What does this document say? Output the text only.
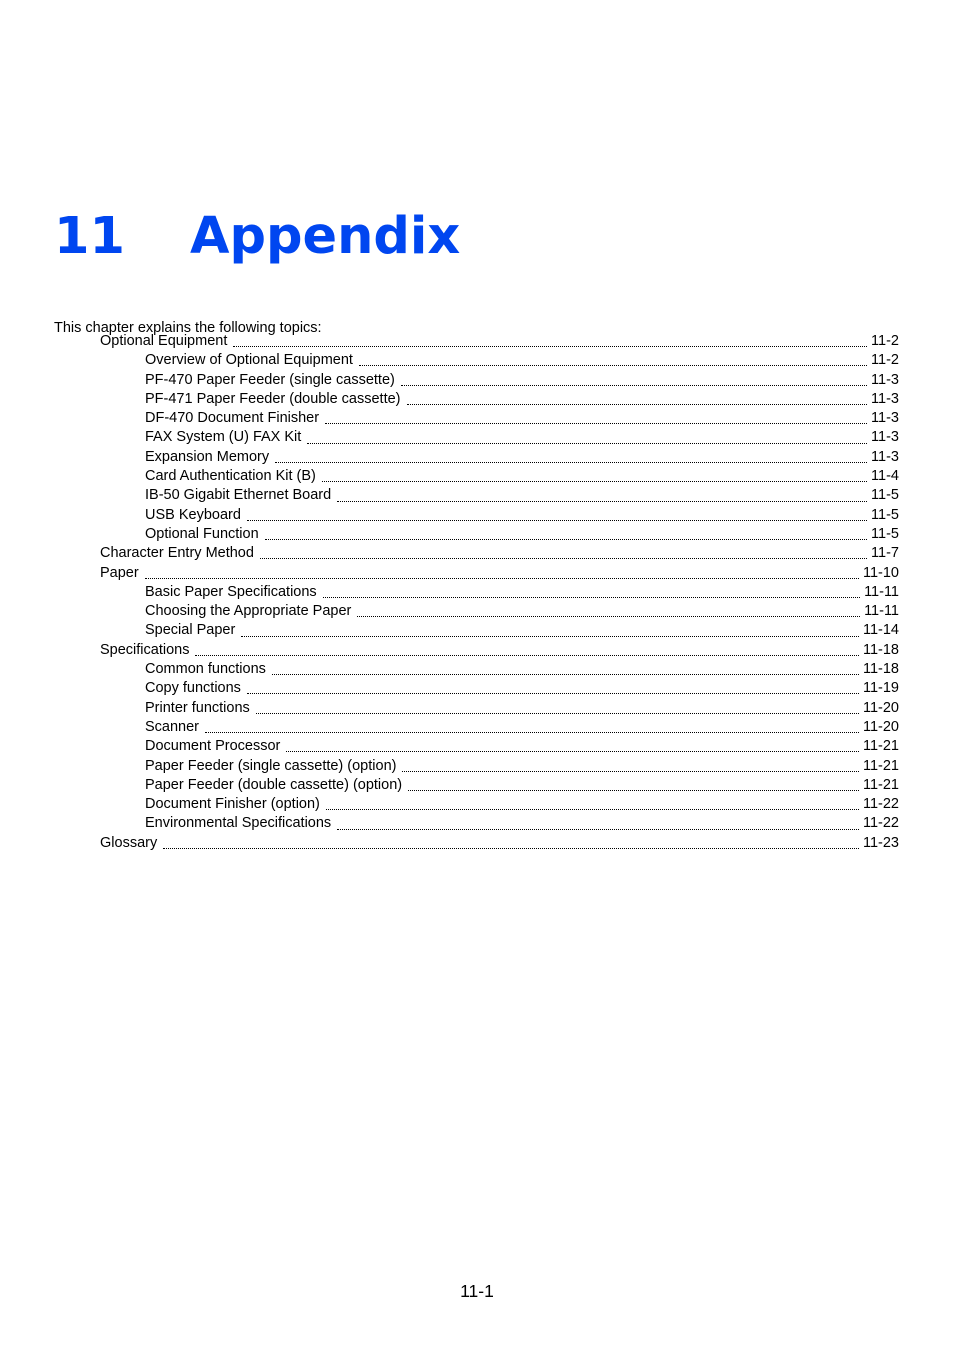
11	Appendix

This chapter explains the following topics:

Optional Equipment	11-2
Overview of Optional Equipment	11-2
PF-470 Paper Feeder (single cassette)	11-3
PF-471 Paper Feeder (double cassette)	11-3
DF-470 Document Finisher	11-3
FAX System (U) FAX Kit	11-3
Expansion Memory	11-3
Card Authentication Kit (B)	11-4
IB-50 Gigabit Ethernet Board	11-5
USB Keyboard	11-5
Optional Function	11-5
Character Entry Method	11-7
Paper	11-10
Basic Paper Specifications	11-11
Choosing the Appropriate Paper	11-11
Special Paper	11-14
Specifications	11-18
Common functions	11-18
Copy functions	11-19
Printer functions	11-20
Scanner	11-20
Document Processor	11-21
Paper Feeder (single cassette) (option)	11-21
Paper Feeder (double cassette) (option)	11-21
Document Finisher (option)	11-22
Environmental Specifications	11-22
Glossary	11-23
11-1
